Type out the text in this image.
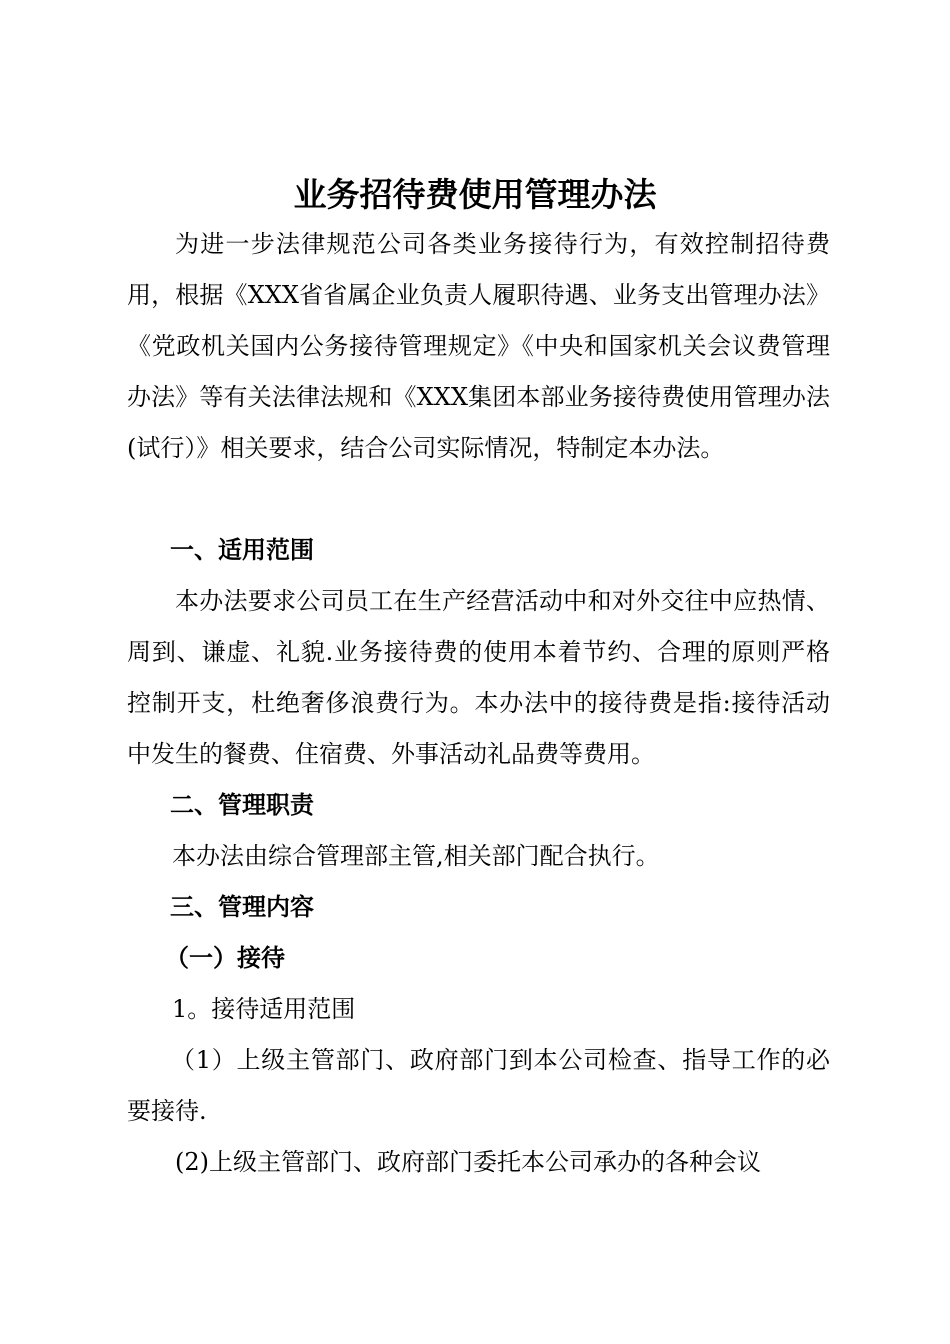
业务招待费使用管理办法
为进一步法律规范公司各类业务接待行为，有效控制招待费用，根据《XXX省省属企业负责人履职待遇、业务支出管理办法》《党政机关国内公务接待管理规定》《中央和国家机关会议费管理办法》等有关法律法规和《XXX集团本部业务接待费使用管理办法(试行）》相关要求，结合公司实际情况，特制定本办法。
一、适用范围
本办法要求公司员工在生产经营活动中和对外交往中应热情、周到、谦虚、礼貌.业务接待费的使用本着节约、合理的原则严格控制开支，杜绝奢侈浪费行为。本办法中的接待费是指:接待活动中发生的餐费、住宿费、外事活动礼品费等费用。
二、管理职责
本办法由综合管理部主管,相关部门配合执行。
三、管理内容
（一）接待
1。接待适用范围
（1）上级主管部门、政府部门到本公司检查、指导工作的必要接待.
(2)上级主管部门、政府部门委托本公司承办的各种会议
